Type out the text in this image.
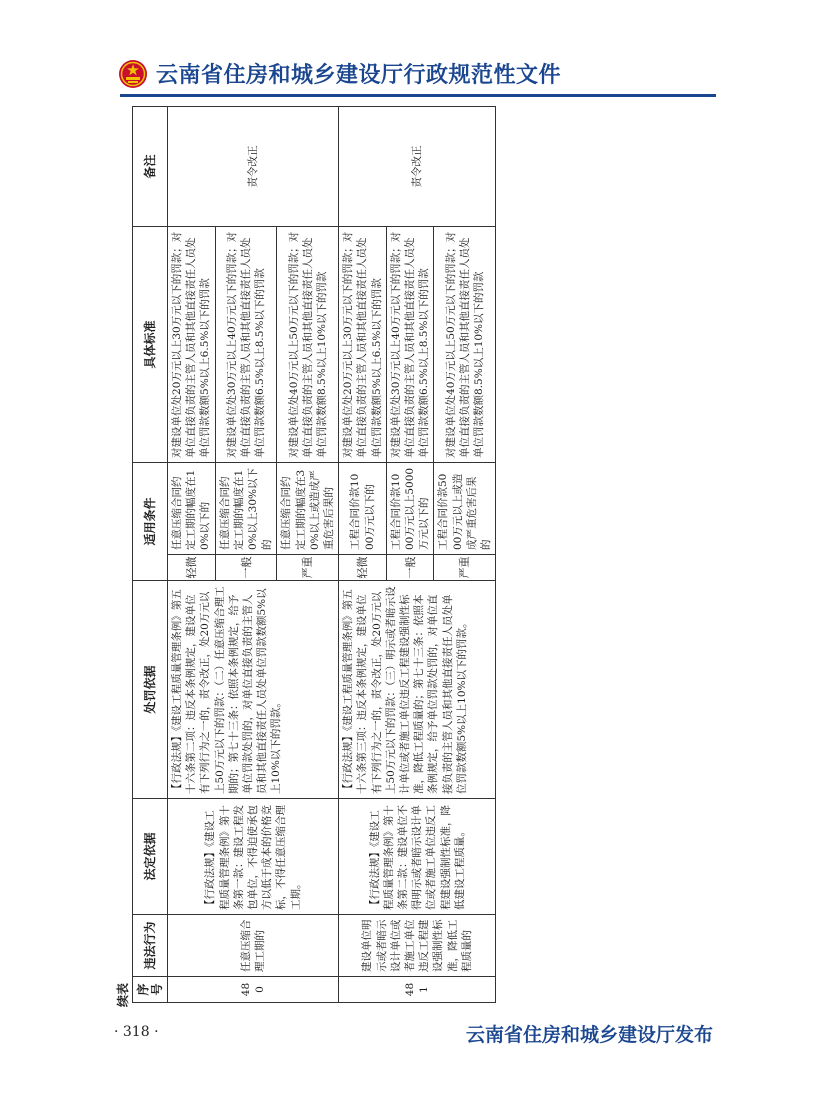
云南省住房和城乡建设厅行政规范性文件
续表 序号	违法行为	法定依据	处罚依据	适用条件		具体标准	备注
480	任意压缩合理工期的	【行政法规】《建设工程质量管理条例》第十条第一款：建设工程发包单位，不得迫使承包方以低于成本的价格竞标，不得任意压缩合理工期。	【行政法规】《建设工程质量管理条例》第五十六条第二项：违反本条例规定，建设单位有下列行为之一的，责令改正，处20万元以上50万元以下的罚款：（二）任意压缩合理工期的；第七十三条：依照本条例规定，给予单位罚款处罚的，对单位直接负责的主管人员和其他直接责任人员处单位罚款数额5%以上10%以下的罚款。	轻微	任意压缩合同约定工期的幅度在10%以下的	对建设单位处20万元以上30万元以下的罚款；对单位直接负责的主管人员和其他直接责任人员处单位罚款数额5%以上6.5%以下的罚款	责令改正
				一般	任意压缩合同约定工期的幅度在10%以上30%以下的	对建设单位处30万元以上40万元以下的罚款；对单位直接负责的主管人员和其他直接责任人员处单位罚款数额6.5%以上8.5%以下的罚款	
				严重	任意压缩合同约定工期的幅度在30%以上或造成严重危害后果的	对建设单位处40万元以上50万元以下的罚款；对单位直接负责的主管人员和其他直接责任人员处单位罚款数额8.5%以上10%以下的罚款	
481	建设单位明示或者暗示设计单位或者施工单位违反工程建设强制性标准，降低工程质量的	【行政法规】《建设工程质量管理条例》第十条第二款：建设单位不得明示或者暗示设计单位或者施工单位违反工程建设强制性标准，降低建设工程质量。	【行政法规】《建设工程质量管理条例》第五十六条第三项：违反本条例规定，建设单位有下列行为之一的，责令改正，处20万元以上50万元以下的罚款：（三）明示或者暗示设计单位或者施工单位违反工程建设强制性标准，降低工程质量的；第七十三条：依照本条例规定，给予单位罚款处罚的，对单位直接负责的主管人员和其他直接责任人员处单位罚款数额5%以上10%以下的罚款。	轻微	工程合同价款1000万元以下的	对建设单位处20万元以上30万元以下的罚款；对单位直接负责的主管人员和其他直接责任人员处单位罚款数额5%以上6.5%以下的罚款	责令改正
				一般	工程合同价款1000万元以上5000万元以下的	对建设单位处30万元以上40万元以下的罚款；对单位直接负责的主管人员和其他直接责任人员处单位罚款数额6.5%以上8.5%以下的罚款	
				严重	工程合同价款5000万元以上或造成严重危害后果的	对建设单位处40万元以上50万元以下的罚款；对单位直接负责的主管人员和其他直接责任人员处单位罚款数额8.5%以上10%以下的罚款	
· 318 ·	云南省住房和城乡建设厅发布
